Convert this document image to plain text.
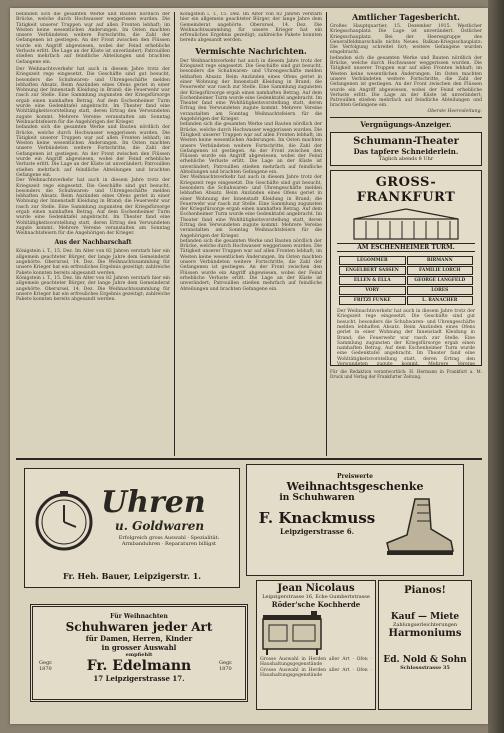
befanden sich die gesamten Werke und Bauten nördlich der Brücke, welche durch Hochwasser weggerissen wurden. Die Tätigkeit unserer Truppen war auf allen Fronten lebhaft; im Westen keine wesentlichen Änderungen. Im Osten machten unsere Verbündeten weitere Fortschritte, die Zahl der Gefangenen ist gestiegen. An der Front zwischen den Flüssen wurde ein Angriff abgewiesen, wobei der Feind erhebliche Verluste erlitt. Die Lage an der Küste ist unverändert; Patrouillen stießen mehrfach auf feindliche Abteilungen und brachten Gefangene ein.
Der Weihnachtsverkehr hat auch in diesem Jahre trotz der Kriegszeit rege eingesetzt. Die Geschäfte sind gut besucht, besonders die Schuhwaren- und Uhrengeschäfte melden lebhaften Absatz. Beim Anzünden eines Ofens geriet in einer Wohnung der Innenstadt Kleidung in Brand; die Feuerwehr war rasch zur Stelle. Eine Sammlung zugunsten der Kriegsfürsorge ergab einen namhaften Betrag. Auf dem Eschenheimer Turm wurde eine Gedenktafel angebracht. Im Theater fand eine Wohltätigkeitsvorstellung statt, deren Ertrag den Verwundeten zugute kommt. Mehrere Vereine veranstalten am Sonntag Weihnachtsfeiern für die Angehörigen der Krieger.
befanden sich die gesamten Werke und Bauten nördlich der Brücke, welche durch Hochwasser weggerissen wurden. Die Tätigkeit unserer Truppen war auf allen Fronten lebhaft; im Westen keine wesentlichen Änderungen. Im Osten machten unsere Verbündeten weitere Fortschritte, die Zahl der Gefangenen ist gestiegen. An der Front zwischen den Flüssen wurde ein Angriff abgewiesen, wobei der Feind erhebliche Verluste erlitt. Die Lage an der Küste ist unverändert; Patrouillen stießen mehrfach auf feindliche Abteilungen und brachten Gefangene ein.
Der Weihnachtsverkehr hat auch in diesem Jahre trotz der Kriegszeit rege eingesetzt. Die Geschäfte sind gut besucht, besonders die Schuhwaren- und Uhrengeschäfte melden lebhaften Absatz. Beim Anzünden eines Ofens geriet in einer Wohnung der Innenstadt Kleidung in Brand; die Feuerwehr war rasch zur Stelle. Eine Sammlung zugunsten der Kriegsfürsorge ergab einen namhaften Betrag. Auf dem Eschenheimer Turm wurde eine Gedenktafel angebracht. Im Theater fand eine Wohltätigkeitsvorstellung statt, deren Ertrag den Verwundeten zugute kommt. Mehrere Vereine veranstalten am Sonntag Weihnachtsfeiern für die Angehörigen der Krieger.
Aus der Nachbarschaft
Königstein i. T., 15. Dez. Im Alter von 82 Jahren verstarb hier ein allgemein geachteter Bürger, der lange Jahre dem Gemeinderat angehörte. Oberursel, 14. Dez. Die Weihnachtssammlung für unsere Krieger hat ein erfreuliches Ergebnis gezeitigt; zahlreiche Pakete konnten bereits abgesandt werden.
Königstein i. T., 15. Dez. Im Alter von 82 Jahren verstarb hier ein allgemein geachteter Bürger, der lange Jahre dem Gemeinderat angehörte. Oberursel, 14. Dez. Die Weihnachtssammlung für unsere Krieger hat ein erfreuliches Ergebnis gezeitigt; zahlreiche Pakete konnten bereits abgesandt werden.
Königstein i. T., 15. Dez. Im Alter von 82 Jahren verstarb hier ein allgemein geachteter Bürger, der lange Jahre dem Gemeinderat angehörte. Oberursel, 14. Dez. Die Weihnachtssammlung für unsere Krieger hat ein erfreuliches Ergebnis gezeitigt; zahlreiche Pakete konnten bereits abgesandt werden.
Vermischte Nachrichten.
Der Weihnachtsverkehr hat auch in diesem Jahre trotz der Kriegszeit rege eingesetzt. Die Geschäfte sind gut besucht, besonders die Schuhwaren- und Uhrengeschäfte melden lebhaften Absatz. Beim Anzünden eines Ofens geriet in einer Wohnung der Innenstadt Kleidung in Brand; die Feuerwehr war rasch zur Stelle. Eine Sammlung zugunsten der Kriegsfürsorge ergab einen namhaften Betrag. Auf dem Eschenheimer Turm wurde eine Gedenktafel angebracht. Im Theater fand eine Wohltätigkeitsvorstellung statt, deren Ertrag den Verwundeten zugute kommt. Mehrere Vereine veranstalten am Sonntag Weihnachtsfeiern für die Angehörigen der Krieger.
befanden sich die gesamten Werke und Bauten nördlich der Brücke, welche durch Hochwasser weggerissen wurden. Die Tätigkeit unserer Truppen war auf allen Fronten lebhaft; im Westen keine wesentlichen Änderungen. Im Osten machten unsere Verbündeten weitere Fortschritte, die Zahl der Gefangenen ist gestiegen. An der Front zwischen den Flüssen wurde ein Angriff abgewiesen, wobei der Feind erhebliche Verluste erlitt. Die Lage an der Küste ist unverändert; Patrouillen stießen mehrfach auf feindliche Abteilungen und brachten Gefangene ein.
Der Weihnachtsverkehr hat auch in diesem Jahre trotz der Kriegszeit rege eingesetzt. Die Geschäfte sind gut besucht, besonders die Schuhwaren- und Uhrengeschäfte melden lebhaften Absatz. Beim Anzünden eines Ofens geriet in einer Wohnung der Innenstadt Kleidung in Brand; die Feuerwehr war rasch zur Stelle. Eine Sammlung zugunsten der Kriegsfürsorge ergab einen namhaften Betrag. Auf dem Eschenheimer Turm wurde eine Gedenktafel angebracht. Im Theater fand eine Wohltätigkeitsvorstellung statt, deren Ertrag den Verwundeten zugute kommt. Mehrere Vereine veranstalten am Sonntag Weihnachtsfeiern für die Angehörigen der Krieger.
befanden sich die gesamten Werke und Bauten nördlich der Brücke, welche durch Hochwasser weggerissen wurden. Die Tätigkeit unserer Truppen war auf allen Fronten lebhaft; im Westen keine wesentlichen Änderungen. Im Osten machten unsere Verbündeten weitere Fortschritte, die Zahl der Gefangenen ist gestiegen. An der Front zwischen den Flüssen wurde ein Angriff abgewiesen, wobei der Feind erhebliche Verluste erlitt. Die Lage an der Küste ist unverändert; Patrouillen stießen mehrfach auf feindliche Abteilungen und brachten Gefangene ein.
Amtlicher Tagesbericht.
Großes Hauptquartier, 15. Dezember 1915. Westlicher Kriegsschauplatz: Die Lage ist unverändert. Östlicher Kriegsschauplatz: Bei der Heeresgruppe des Generalfeldmarschalls nichts Neues. Balkan-Kriegsschauplatz: Die Verfolgung schreitet fort; weitere Gefangene wurden eingebracht.
befanden sich die gesamten Werke und Bauten nördlich der Brücke, welche durch Hochwasser weggerissen wurden. Die Tätigkeit unserer Truppen war auf allen Fronten lebhaft; im Westen keine wesentlichen Änderungen. Im Osten machten unsere Verbündeten weitere Fortschritte, die Zahl der Gefangenen ist gestiegen. An der Front zwischen den Flüssen wurde ein Angriff abgewiesen, wobei der Feind erhebliche Verluste erlitt. Die Lage an der Küste ist unverändert; Patrouillen stießen mehrfach auf feindliche Abteilungen und brachten Gefangene ein.
Oberste Heeresleitung.
Vergnügungs-Anzeiger.
Schumann-Theater
Das tapfere Schneiderlein.
Täglich abends 8 Uhr
GROSS-FRANKFURT
AM ESCHENHEIMER TURM.
LEGOMMER	BIRMANN
ENGELBERT SASSEN	FAMILIE LORCH
ELLEN & ELLA	GEORGE LANGFELD
VORY	LORES
FRITZI FUNKE	L. RANACHER
Der Weihnachtsverkehr hat auch in diesem Jahre trotz der Kriegszeit rege eingesetzt. Die Geschäfte sind gut besucht, besonders die Schuhwaren- und Uhrengeschäfte melden lebhaften Absatz. Beim Anzünden eines Ofens geriet in einer Wohnung der Innenstadt Kleidung in Brand; die Feuerwehr war rasch zur Stelle. Eine Sammlung zugunsten der Kriegsfürsorge ergab einen namhaften Betrag. Auf dem Eschenheimer Turm wurde eine Gedenktafel angebracht. Im Theater fand eine Wohltätigkeitsvorstellung statt, deren Ertrag den Verwundeten zugute kommt. Mehrere Vereine
Für die Redaktion verantwortlich: H. Hermann in Frankfurt a. M. Druck und Verlag der Frankfurter Zeitung.
Uhren
u. Goldwaren
Erfolgreich gross Auswahl · Spezialität: Armbanduhren · Reparaturen billigst
Fr. Heh. Bauer, Leipzigerstr. 1.
Preiswerte
Weihnachtsgeschenke
in Schuhwaren
F. Knackmuss
Leipzigerstrasse 6.
Für Weihnachten
Schuhwaren jeder Art
für Damen, Herren, Kinder
in grosser Auswahl
empfiehlt
Gegr. 1870	Fr. Edelmann	Gegr. 1870
17 Leipzigerstrasse 17.
Jean Nicolaus
Leipzigerstrasse 16, Ecke Gumbertstrasse
Röder'sche Kochherde
Grosse Auswahl in Herden aller Art · Ofen · Haushaltungsgegenstände
Grosse Auswahl in Herden aller Art · Ofen · Haushaltungsgegenstände
Pianos!
Kauf — Miete
Zahlungserleichterungen
Harmoniums
Ed. Nold & Sohn
Schlossstrasse 35
